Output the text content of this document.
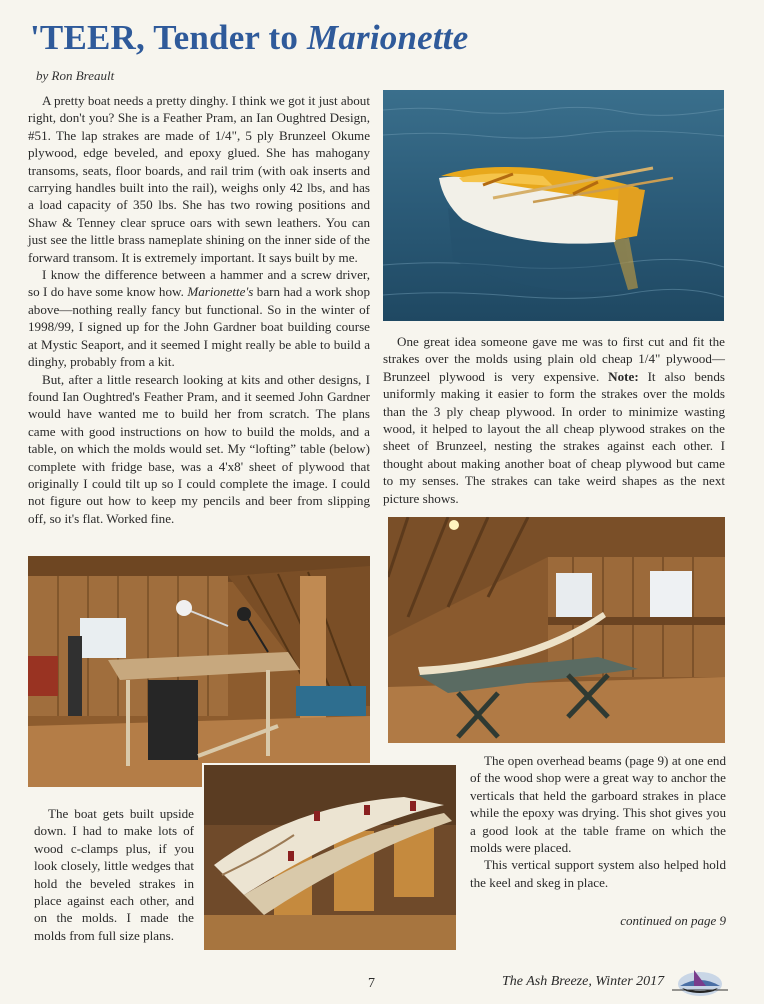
'TEER, Tender to Marionette
by Ron Breault

A pretty boat needs a pretty dinghy. I think we got it just about right, don't you? She is a Feather Pram, an Ian Oughtred Design, #51. The lap strakes are made of 1/4", 5 ply Brunzeel Okume plywood, edge beveled, and epoxy glued. She has mahogany transoms, seats, floor boards, and rail trim (with oak inserts and carrying handles built into the rail), weighs only 42 lbs, and has a load capacity of 350 lbs. She has two rowing positions and Shaw & Tenney clear spruce oars with sewn leathers. You can just see the little brass nameplate shining on the inner side of the forward transom. It is extremely important. It says built by me.

I know the difference between a hammer and a screw driver, so I do have some know how. Marionette's barn had a work shop above—nothing really fancy but functional. So in the winter of 1998/99, I signed up for the John Gardner boat building course at Mystic Seaport, and it seemed I might really be able to build a dinghy, probably from a kit.

But, after a little research looking at kits and other designs, I found Ian Oughtred's Feather Pram, and it seemed John Gardner would have wanted me to build her from scratch. The plans came with good instructions on how to build the molds, and a table, on which the molds would set. My “lofting” table (below) complete with fridge base, was a 4'x8' sheet of plywood that originally I could tilt up so I could complete the image. I could not figure out how to keep my pencils and beer from slipping off, so it's flat. Worked fine.

One great idea someone gave me was to first cut and fit the strakes over the molds using plain old cheap 1/4" plywood—Brunzeel plywood is very expensive. Note: It also bends uniformly making it easier to form the strakes over the molds than the 3 ply cheap plywood. In order to minimize wasting wood, it helped to layout the all cheap plywood strakes on the sheet of Brunzeel, nesting the strakes against each other. I thought about making another boat of cheap plywood but came to my senses. The strakes can take weird shapes as the next picture shows.

The boat gets built upside down. I had to make lots of wood c-clamps plus, if you look closely, little wedges that hold the beveled strakes in place against each other, and on the molds. I made the molds from full size plans.

The open overhead beams (page 9) at one end of the wood shop were a great way to anchor the verticals that held the garboard strakes in place while the epoxy was drying. This shot gives you a good look at the table frame on which the molds were placed.

This vertical support system also helped hold the keel and skeg in place.

continued on page 9
7	The Ash Breeze, Winter 2017
